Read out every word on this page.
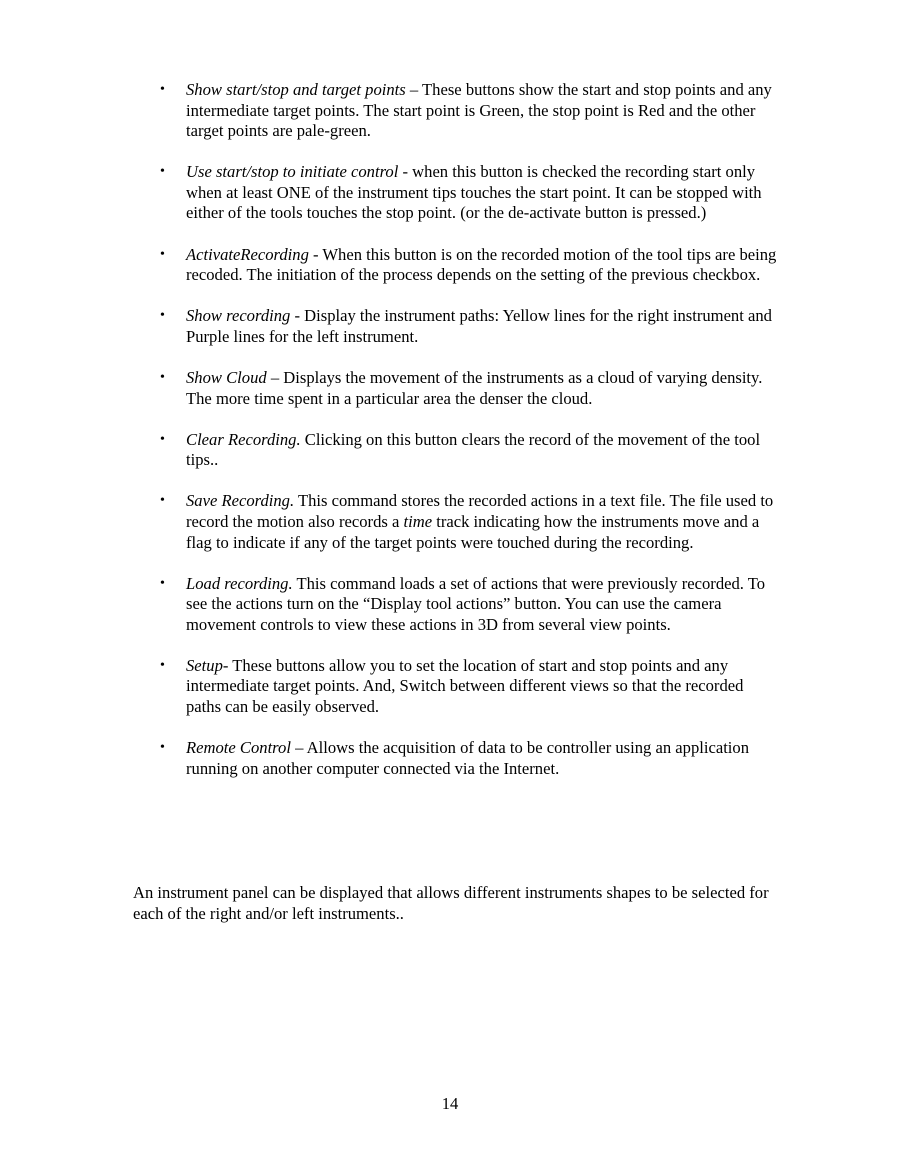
• Show start/stop and target points – These buttons show the start and stop points and any intermediate target points. The start point is Green, the stop point is Red and the other target points are pale-green.
• Use start/stop to initiate control - when this button is checked the recording start only when at least ONE of the instrument tips touches the start point. It can be stopped with either of the tools touches the stop point. (or the de-activate button is pressed.)
• ActivateRecording - When this button is on the recorded motion of the tool tips are being recoded. The initiation of the process depends on the setting of the previous checkbox.
• Show recording - Display the instrument paths: Yellow lines for the right instrument and Purple lines for the left instrument.
• Show Cloud – Displays the movement of the instruments as a cloud of varying density. The more time spent in a particular area the denser the cloud.
• Clear Recording. Clicking on this button clears the record of the movement of the tool tips..
• Save Recording. This command stores the recorded actions in a text file. The file used to record the motion also records a time track indicating how the instruments move and a flag to indicate if any of the target points were touched during the recording.
• Load recording. This command loads a set of actions that were previously recorded. To see the actions turn on the “Display tool actions” button. You can use the camera movement controls to view these actions in 3D from several view points.
• Setup- These buttons allow you to set the location of start and stop points and any intermediate target points. And, Switch between different views so that the recorded paths can be easily observed.
• Remote Control – Allows the acquisition of data to be controller using an application running on another computer connected via the Internet.

An instrument panel can be displayed that allows different instruments shapes to be selected for each of the right and/or left instruments..

14
